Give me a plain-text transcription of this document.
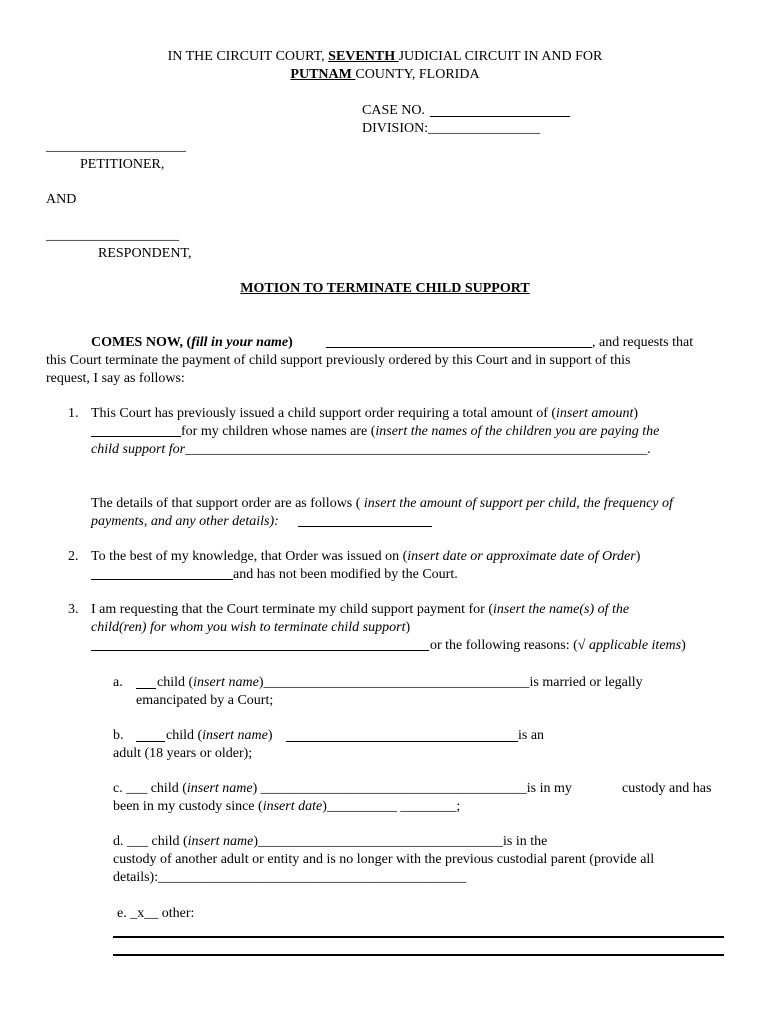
IN THE CIRCUIT COURT, SEVENTH JUDICIAL CIRCUIT IN AND FOR
PUTNAM COUNTY, FLORIDA
CASE NO.
DIVISION:________________
____________________
PETITIONER,
AND
___________________
RESPONDENT,
MOTION TO TERMINATE CHILD SUPPORT
COMES NOW, (fill in your name)	, and requests that
this Court terminate the payment of child support previously ordered by this Court and in support of this
request, I say as follows:
1. This Court has previously issued a child support order requiring a total amount of (insert amount)
for my children whose names are (insert the names of the children you are paying the
child support for__________________________________________________________________.
The details of that support order are as follows ( insert the amount of support per child, the frequency of
payments, and any other details):
2. To the best of my knowledge, that Order was issued on (insert date or approximate date of Order)
and has not been modified by the Court.
3. I am requesting that the Court terminate my child support payment for (insert the name(s) of the
child(ren) for whom you wish to terminate child support)
or the following reasons: (√ applicable items)
a. child (insert name)______________________________________is married or legally
emancipated by a Court;
b.	child (insert name)	is an
adult (18 years or older);
c. ___ child (insert name) ______________________________________is in my	custody and has
been in my custody since (insert date)__________ ________;
d. ___ child (insert name)___________________________________is in the
custody of another adult or entity and is no longer with the previous custodial parent (provide all
details):____________________________________________
e. _x__ other:
